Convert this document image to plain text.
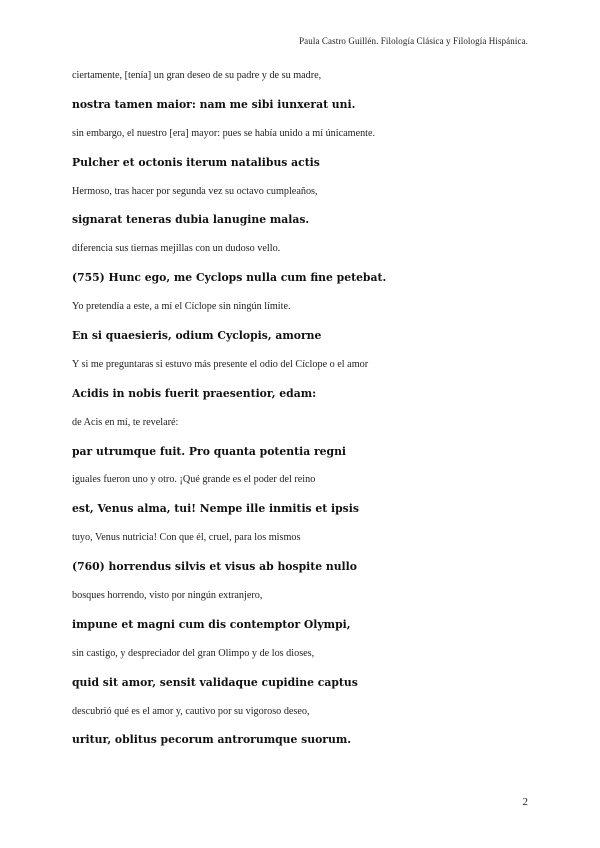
Paula Castro Guillén. Filología Clásica y Filología Hispánica.
ciertamente, [tenía] un gran deseo de su padre y de su madre,
nostra tamen maior: nam me sibi iunxerat uni.
sin embargo, el nuestro [era] mayor: pues se había unido a mí únicamente.
Pulcher et octonis iterum natalibus actis
Hermoso, tras hacer por segunda vez su octavo cumpleaños,
signarat teneras dubia lanugine malas.
diferencia sus tiernas mejillas con un dudoso vello.
(755) Hunc ego, me Cyclops nulla cum fine petebat.
Yo pretendía a este, a mí el Cíclope sin ningún límite.
En si quaesieris, odium Cyclopis, amorne
Y si me preguntaras si estuvo más presente el odio del Cíclope o el amor
Acidis in nobis fuerit praesentior, edam:
de Acis en mí, te revelaré:
par utrumque fuit. Pro quanta potentia regni
iguales fueron uno y otro. ¡Qué grande es el poder del reino
est, Venus alma, tui! Nempe ille inmitis et ipsis
tuyo, Venus nutricia! Con que él, cruel, para los mismos
(760) horrendus silvis et visus ab hospite nullo
bosques horrendo, visto por ningún extranjero,
impune et magni cum dis contemptor Olympi,
sin castigo, y despreciador del gran Olimpo y de los dioses,
quid sit amor, sensit validaque cupidine captus
descubrió qué es el amor y, cautivo por su vigoroso deseo,
uritur, oblitus pecorum antrorumque suorum.
2
